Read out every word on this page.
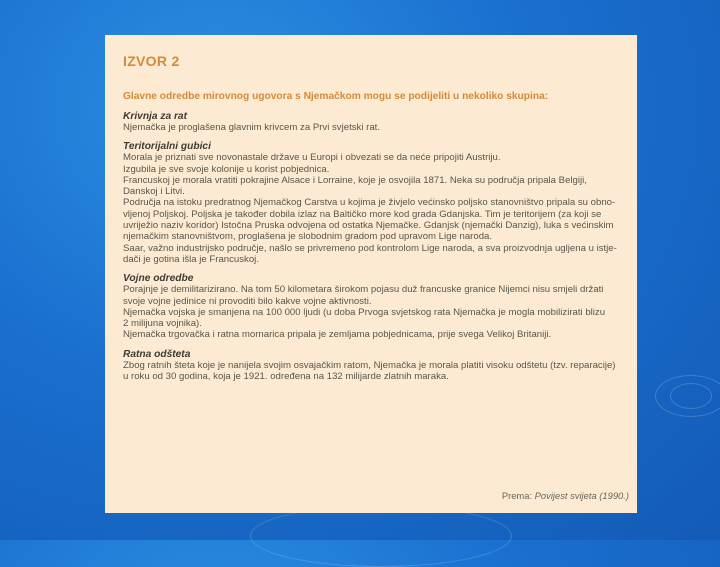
IZVOR 2

Glavne odredbe mirovnog ugovora s Njemačkom mogu se podijeliti u nekoliko skupina:

Krivnja za rat

Njemačka je proglašena glavnim krivcem za Prvi svjetski rat.

Teritorijalni gubici

Morala je priznati sve novonastale države u Europi i obvezati se da neće pripojiti Austriju.

Izgubila je sve svoje kolonije u korist pobjednica.

Francuskoj je morala vratiti pokrajine Alsace i Lorraine, koje je osvojila 1871. Neka su područja pripala Belgiji,

Danskoj i Litvi.

Područja na istoku predratnog Njemačkog Carstva u kojima je živjelo većinsko poljsko stanovništvo pripala su obno-

vljenoj Poljskoj. Poljska je također dobila izlaz na Baltičko more kod grada Gdanjska. Tim je teritorijem (za koji se

uvriježio naziv koridor) Istočna Pruska odvojena od ostatka Njemačke. Gdanjsk (njemački Danzig), luka s većinskim

njemačkim stanovništvom, proglašena je slobodnim gradom pod upravom Lige naroda.

Saar, važno industrijsko područje, našlo se privremeno pod kontrolom Lige naroda, a sva proizvodnja ugljena u istje-

dači je gotina išla je Francuskoj.

Vojne odredbe

Porajnje je demilitarizirano. Na tom 50 kilometara širokom pojasu duž francuske granice Nijemci nisu smjeli držati

svoje vojne jedinice ni provoditi bilo kakve vojne aktivnosti.

Njemačka vojska je smanjena na 100 000 ljudi (u doba Prvoga svjetskog rata Njemačka je mogla mobilizirati blizu

2 milijuna vojnika).

Njemačka trgovačka i ratna mornarica pripala je zemljama pobjednicama, prije svega Velikoj Britaniji.

Ratna odšteta

Zbog ratnih šteta koje je nanijela svojim osvajačkim ratom, Njemačka je morala platiti visoku odštetu (tzv. reparacije)

u roku od 30 godina, koja je 1921. određena na 132 milijarde zlatnih maraka.

Prema: Povijest svijeta (1990.)
